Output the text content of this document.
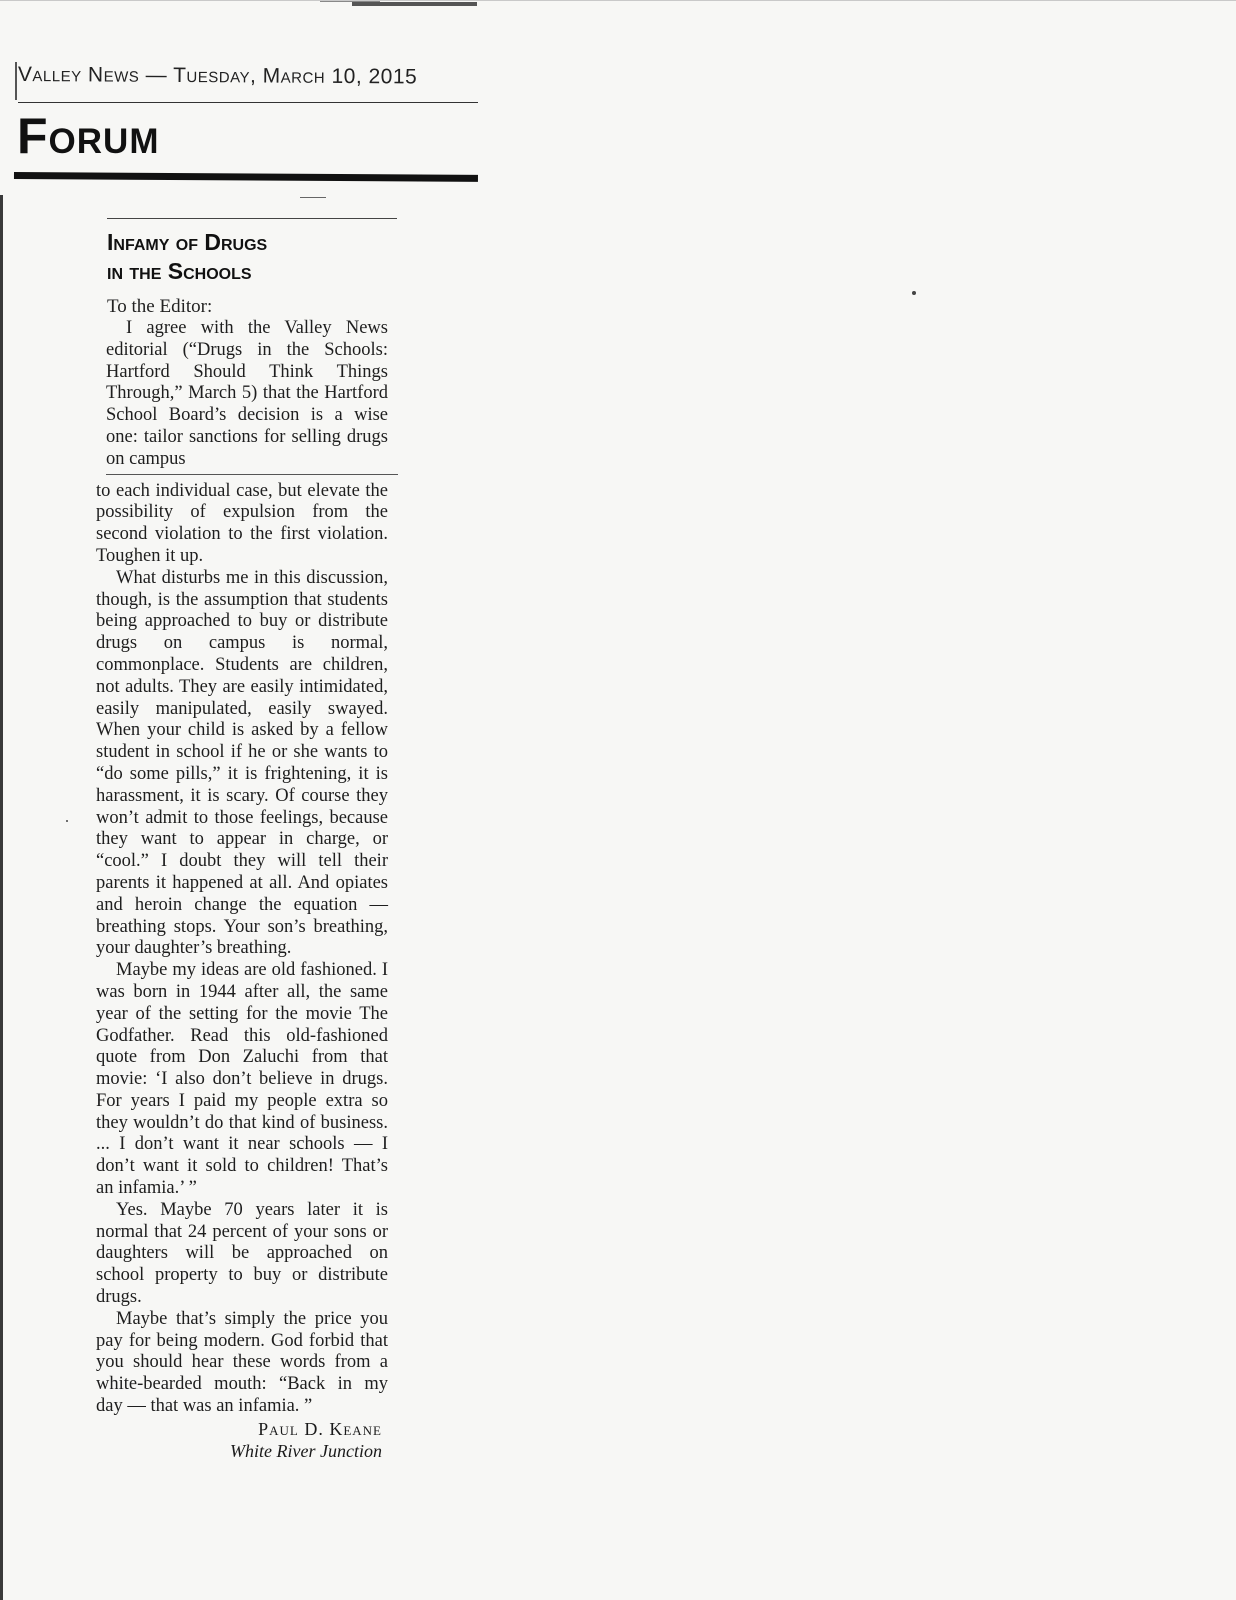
Valley News — Tuesday, March 10, 2015
Forum
Infamy of Drugs
in the Schools
To the Editor:

I agree with the Valley News editorial (“Drugs in the Schools: Hartford Should Think Things Through,” March 5) that the Hartford School Board’s decision is a wise one: tailor sanctions for selling drugs on campus

to each individual case, but elevate the possibility of expulsion from the second violation to the first violation. Toughen it up.

What disturbs me in this discussion, though, is the assumption that students being approached to buy or distribute drugs on campus is normal, commonplace. Students are children, not adults. They are easily intimidated, easily manipulated, easily swayed. When your child is asked by a fellow student in school if he or she wants to “do some pills,” it is frightening, it is harassment, it is scary. Of course they won’t admit to those feelings, because they want to appear in charge, or “cool.” I doubt they will tell their parents it happened at all. And opiates and heroin change the equation — breathing stops. Your son’s breathing, your daughter’s breathing.

Maybe my ideas are old fashioned. I was born in 1944 after all, the same year of the setting for the movie The Godfather. Read this old-fashioned quote from Don Zaluchi from that movie: ‘I also don’t believe in drugs. For years I paid my people extra so they wouldn’t do that kind of business. ... I don’t want it near schools — I don’t want it sold to children! That’s an infamia.’ ”

Yes. Maybe 70 years later it is normal that 24 percent of your sons or daughters will be approached on school property to buy or distribute drugs.

Maybe that’s simply the price you pay for being modern. God forbid that you should hear these words from a white-bearded mouth: “Back in my day — that was an infamia. ”

Paul D. Keane
White River Junction
